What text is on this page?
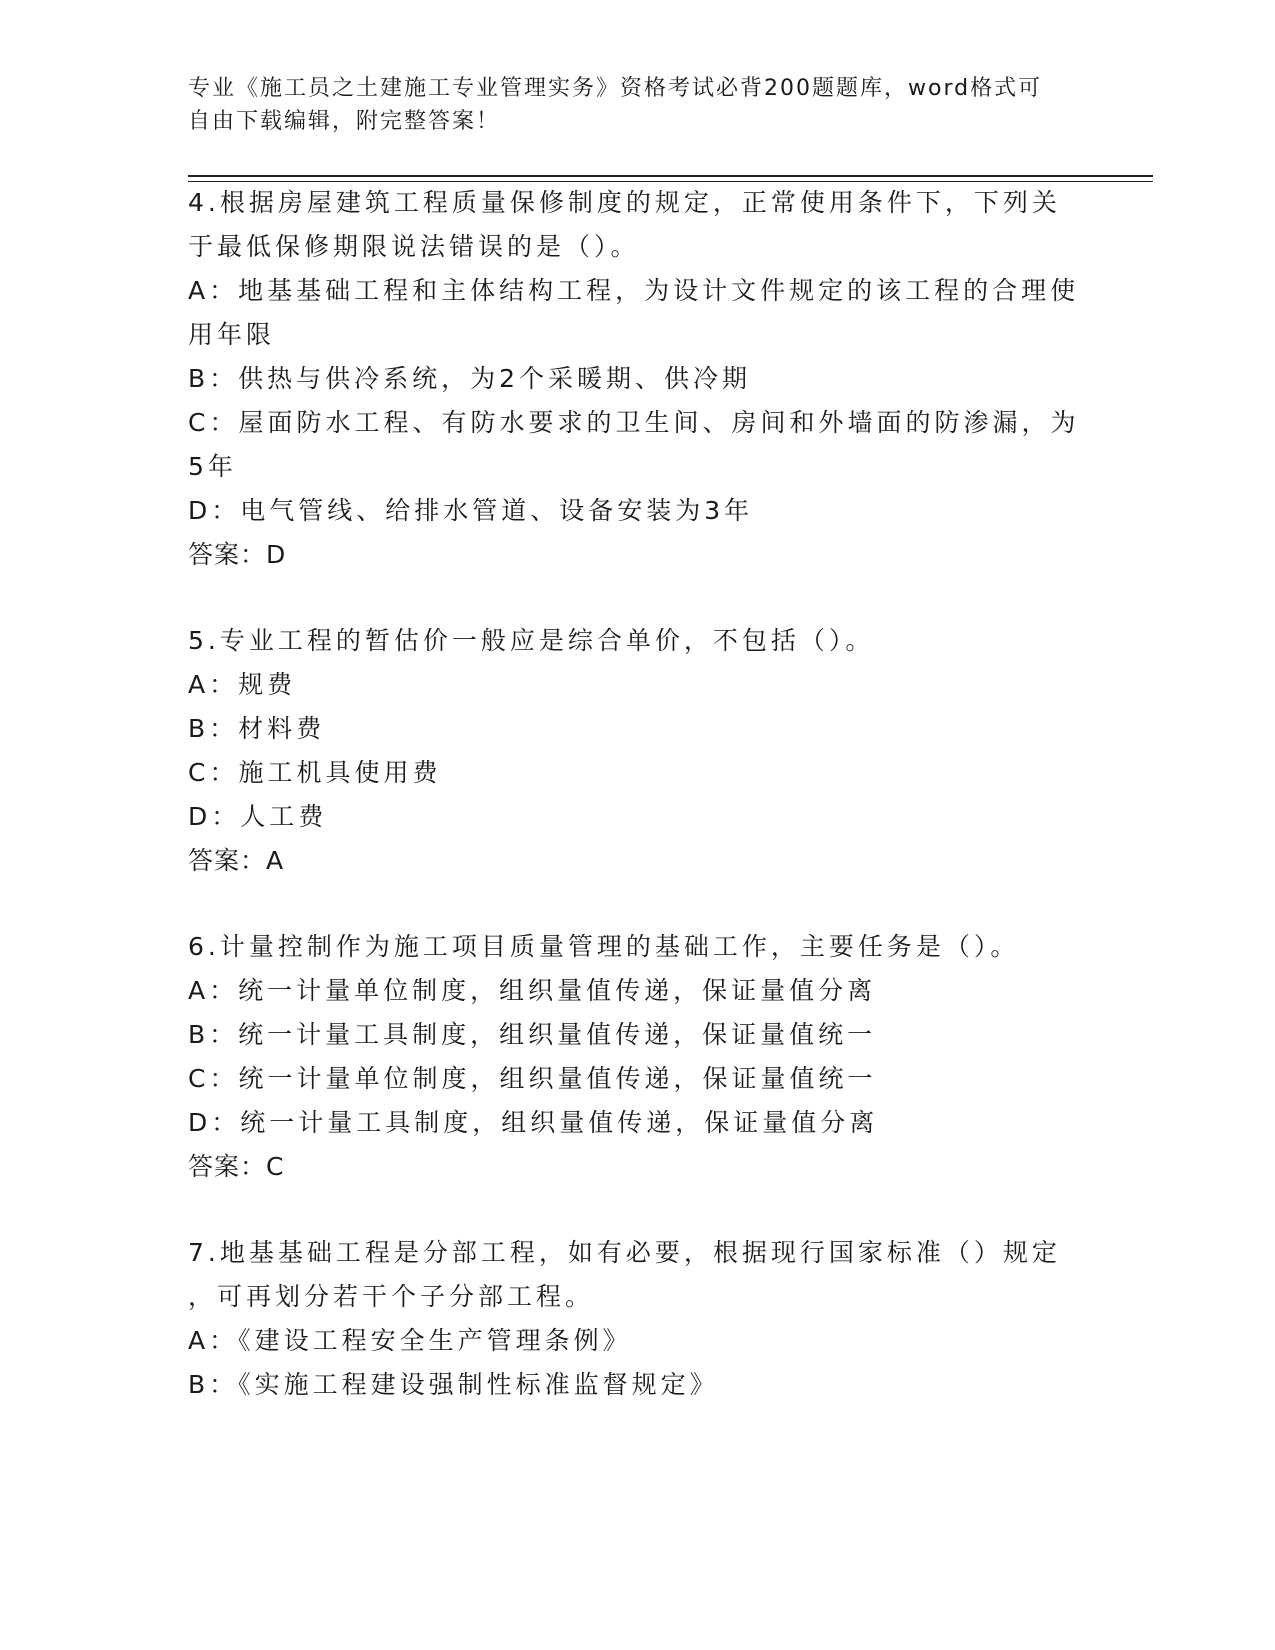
专业《施工员之土建施工专业管理实务》资格考试必背200题题库，word格式可
自由下载编辑，附完整答案！
4.根据房屋建筑工程质量保修制度的规定，正常使用条件下，下列关
于最低保修期限说法错误的是（）。
A：地基基础工程和主体结构工程，为设计文件规定的该工程的合理使
用年限
B：供热与供冷系统，为2个采暖期、供冷期
C：屋面防水工程、有防水要求的卫生间、房间和外墙面的防渗漏，为
5年
D：电气管线、给排水管道、设备安装为3年
答案：D
5.专业工程的暂估价一般应是综合单价，不包括（）。
A：规费
B：材料费
C：施工机具使用费
D：人工费
答案：A
6.计量控制作为施工项目质量管理的基础工作，主要任务是（）。
A：统一计量单位制度，组织量值传递，保证量值分离
B：统一计量工具制度，组织量值传递，保证量值统一
C：统一计量单位制度，组织量值传递，保证量值统一
D：统一计量工具制度，组织量值传递，保证量值分离
答案：C
7.地基基础工程是分部工程，如有必要，根据现行国家标准（）规定
，可再划分若干个子分部工程。
A：《建设工程安全生产管理条例》
B：《实施工程建设强制性标准监督规定》
